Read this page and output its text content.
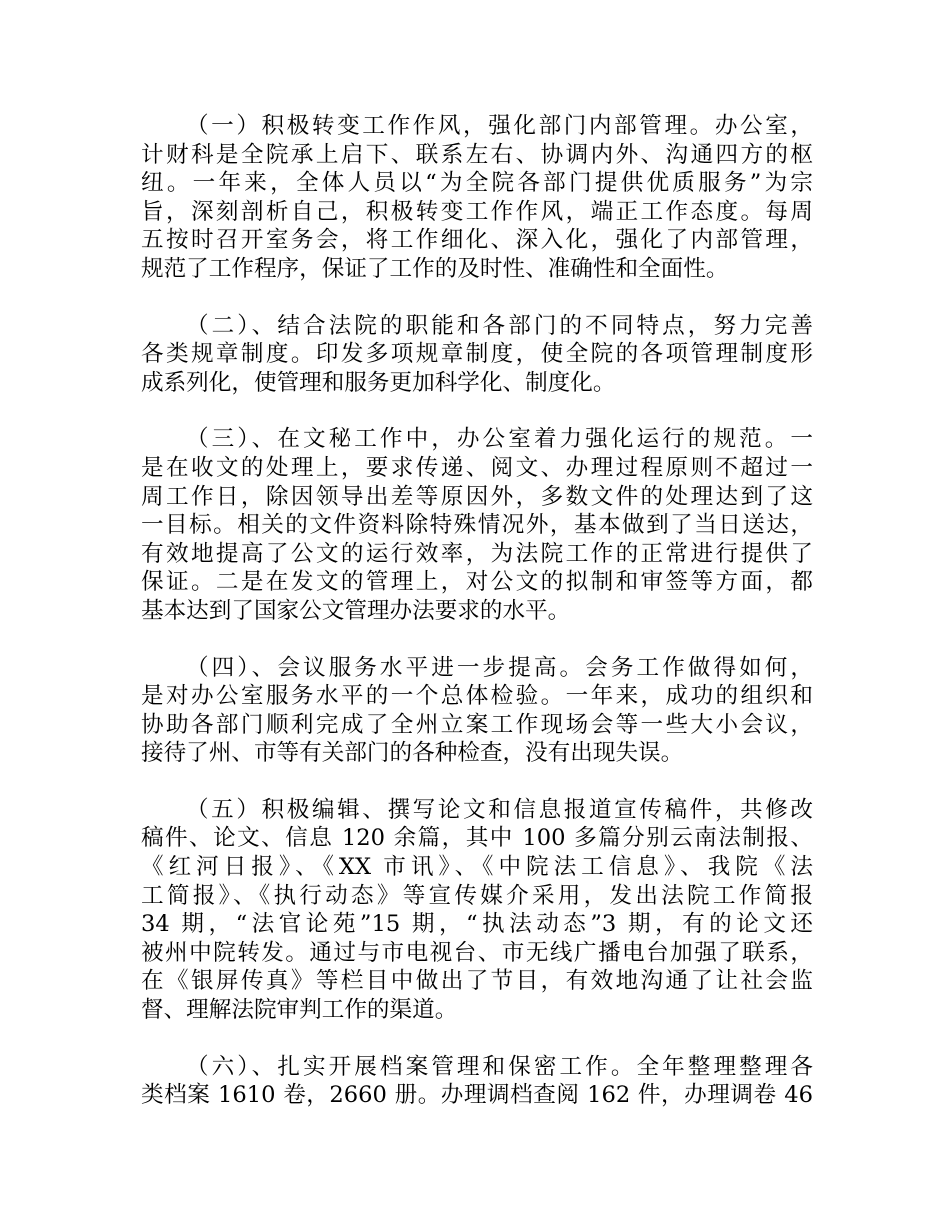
（一）积极转变工作作风，强化部门内部管理。办公室，
计财科是全院承上启下、联系左右、协调内外、沟通四方的枢
纽。一年来，全体人员以“为全院各部门提供优质服务”为宗
旨，深刻剖析自己，积极转变工作作风，端正工作态度。每周
五按时召开室务会，将工作细化、深入化，强化了内部管理，
规范了工作程序，保证了工作的及时性、准确性和全面性。
（二）、结合法院的职能和各部门的不同特点，努力完善
各类规章制度。印发多项规章制度，使全院的各项管理制度形
成系列化，使管理和服务更加科学化、制度化。
（三）、在文秘工作中，办公室着力强化运行的规范。一
是在收文的处理上，要求传递、阅文、办理过程原则不超过一
周工作日，除因领导出差等原因外，多数文件的处理达到了这
一目标。相关的文件资料除特殊情况外，基本做到了当日送达，
有效地提高了公文的运行效率，为法院工作的正常进行提供了
保证。二是在发文的管理上，对公文的拟制和审签等方面，都
基本达到了国家公文管理办法要求的水平。
（四）、会议服务水平进一步提高。会务工作做得如何，
是对办公室服务水平的一个总体检验。一年来，成功的组织和
协助各部门顺利完成了全州立案工作现场会等一些大小会议，
接待了州、市等有关部门的各种检查，没有出现失误。
（五）积极编辑、撰写论文和信息报道宣传稿件，共修改
稿件、论文、信息 120 余篇，其中 100 多篇分别云南法制报、
《红河日报》、《XX 市讯》、《中院法工信息》、我院《法
工简报》、《执行动态》等宣传媒介采用，发出法院工作简报
34 期，“法官论苑”15 期，“执法动态”3 期，有的论文还
被州中院转发。通过与市电视台、市无线广播电台加强了联系，
在《银屏传真》等栏目中做出了节目，有效地沟通了让社会监
督、理解法院审判工作的渠道。
（六）、扎实开展档案管理和保密工作。全年整理整理各
类档案 1610 卷，2660 册。办理调档查阅 162 件，办理调卷 46
